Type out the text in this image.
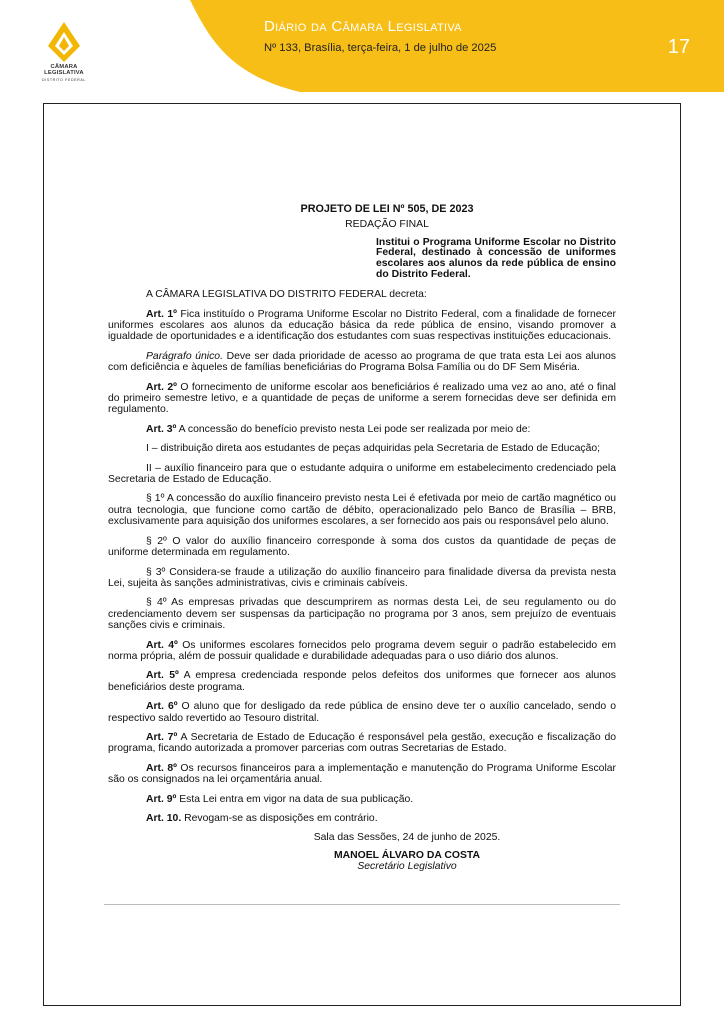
CÂMARA
LEGISLATIVA
DISTRITO FEDERAL
Diário da Câmara Legislativa
Nº 133, Brasília, terça-feira, 1 de julho de 2025	17
PROJETO DE LEI Nº 505, DE 2023
REDAÇÃO FINAL
Institui o Programa Uniforme Escolar no Distrito Federal, destinado à concessão de uniformes escolares aos alunos da rede pública de ensino do Distrito Federal.
A CÂMARA LEGISLATIVA DO DISTRITO FEDERAL decreta:

Art. 1º Fica instituído o Programa Uniforme Escolar no Distrito Federal, com a finalidade de fornecer uniformes escolares aos alunos da educação básica da rede pública de ensino, visando promover a igualdade de oportunidades e a identificação dos estudantes com suas respectivas instituições educacionais.

Parágrafo único. Deve ser dada prioridade de acesso ao programa de que trata esta Lei aos alunos com deficiência e àqueles de famílias beneficiárias do Programa Bolsa Família ou do DF Sem Miséria.

Art. 2º O fornecimento de uniforme escolar aos beneficiários é realizado uma vez ao ano, até o final do primeiro semestre letivo, e a quantidade de peças de uniforme a serem fornecidas deve ser definida em regulamento.

Art. 3º A concessão do benefício previsto nesta Lei pode ser realizada por meio de:

I – distribuição direta aos estudantes de peças adquiridas pela Secretaria de Estado de Educação;

II – auxílio financeiro para que o estudante adquira o uniforme em estabelecimento credenciado pela Secretaria de Estado de Educação.

§ 1º A concessão do auxílio financeiro previsto nesta Lei é efetivada por meio de cartão magnético ou outra tecnologia, que funcione como cartão de débito, operacionalizado pelo Banco de Brasília – BRB, exclusivamente para aquisição dos uniformes escolares, a ser fornecido aos pais ou responsável pelo aluno.

§ 2º O valor do auxílio financeiro corresponde à soma dos custos da quantidade de peças de uniforme determinada em regulamento.

§ 3º Considera-se fraude a utilização do auxílio financeiro para finalidade diversa da prevista nesta Lei, sujeita às sanções administrativas, civis e criminais cabíveis.

§ 4º As empresas privadas que descumprirem as normas desta Lei, de seu regulamento ou do credenciamento devem ser suspensas da participação no programa por 3 anos, sem prejuízo de eventuais sanções civis e criminais.

Art. 4º Os uniformes escolares fornecidos pelo programa devem seguir o padrão estabelecido em norma própria, além de possuir qualidade e durabilidade adequadas para o uso diário dos alunos.

Art. 5º A empresa credenciada responde pelos defeitos dos uniformes que fornecer aos alunos beneficiários deste programa.

Art. 6º O aluno que for desligado da rede pública de ensino deve ter o auxílio cancelado, sendo o respectivo saldo revertido ao Tesouro distrital.

Art. 7º A Secretaria de Estado de Educação é responsável pela gestão, execução e fiscalização do programa, ficando autorizada a promover parcerias com outras Secretarias de Estado.

Art. 8º Os recursos financeiros para a implementação e manutenção do Programa Uniforme Escolar são os consignados na lei orçamentária anual.

Art. 9º Esta Lei entra em vigor na data de sua publicação.

Art. 10. Revogam-se as disposições em contrário.

Sala das Sessões, 24 de junho de 2025.
MANOEL ÁLVARO DA COSTA
Secretário Legislativo
